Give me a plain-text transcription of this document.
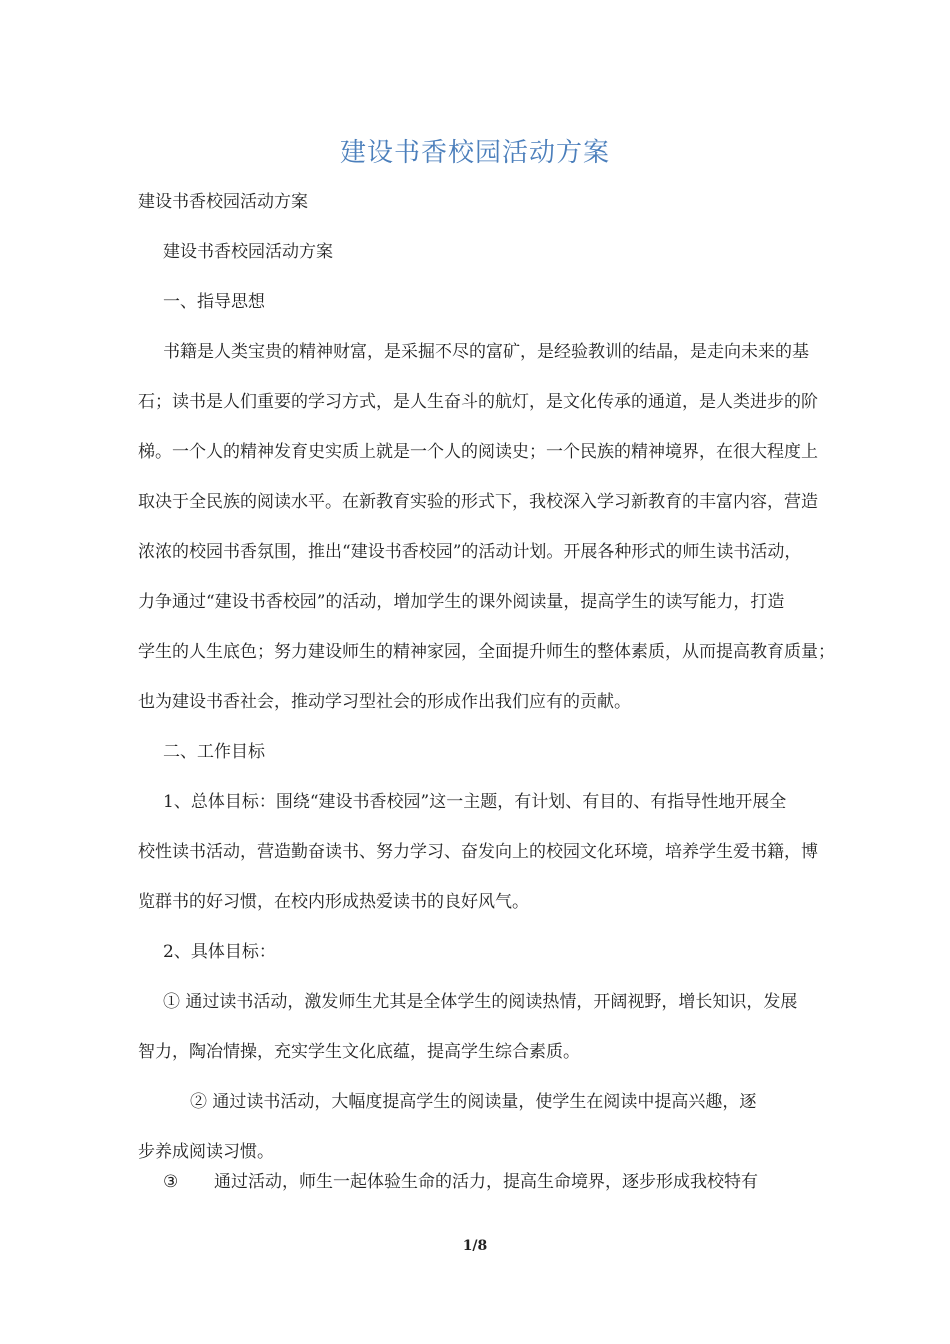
建设书香校园活动方案
建设书香校园活动方案
建设书香校园活动方案
一、指导思想
书籍是人类宝贵的精神财富，是采掘不尽的富矿，是经验教训的结晶，是走向未来的基
石；读书是人们重要的学习方式，是人生奋斗的航灯，是文化传承的通道，是人类进步的阶
梯。一个人的精神发育史实质上就是一个人的阅读史；一个民族的精神境界，在很大程度上
取决于全民族的阅读水平。在新教育实验的形式下，我校深入学习新教育的丰富内容，营造
浓浓的校园书香氛围，推出“建设书香校园”的活动计划。开展各种形式的师生读书活动，
力争通过“建设书香校园”的活动，增加学生的课外阅读量，提高学生的读写能力，打造
学生的人生底色；努力建设师生的精神家园，全面提升师生的整体素质，从而提高教育质量；
也为建设书香社会，推动学习型社会的形成作出我们应有的贡献。
二、工作目标
1、总体目标：围绕“建设书香校园”这一主题，有计划、有目的、有指导性地开展全
校性读书活动，营造勤奋读书、努力学习、奋发向上的校园文化环境，培养学生爱书籍，博
览群书的好习惯，在校内形成热爱读书的良好风气。
2、具体目标：
① 通过读书活动，激发师生尤其是全体学生的阅读热情，开阔视野，增长知识，发展
智力，陶冶情操，充实学生文化底蕴，提高学生综合素质。
② 通过读书活动，大幅度提高学生的阅读量，使学生在阅读中提高兴趣，逐
步养成阅读习惯。
③ 通过活动，师生一起体验生命的活力，提高生命境界，逐步形成我校特有
1/8
